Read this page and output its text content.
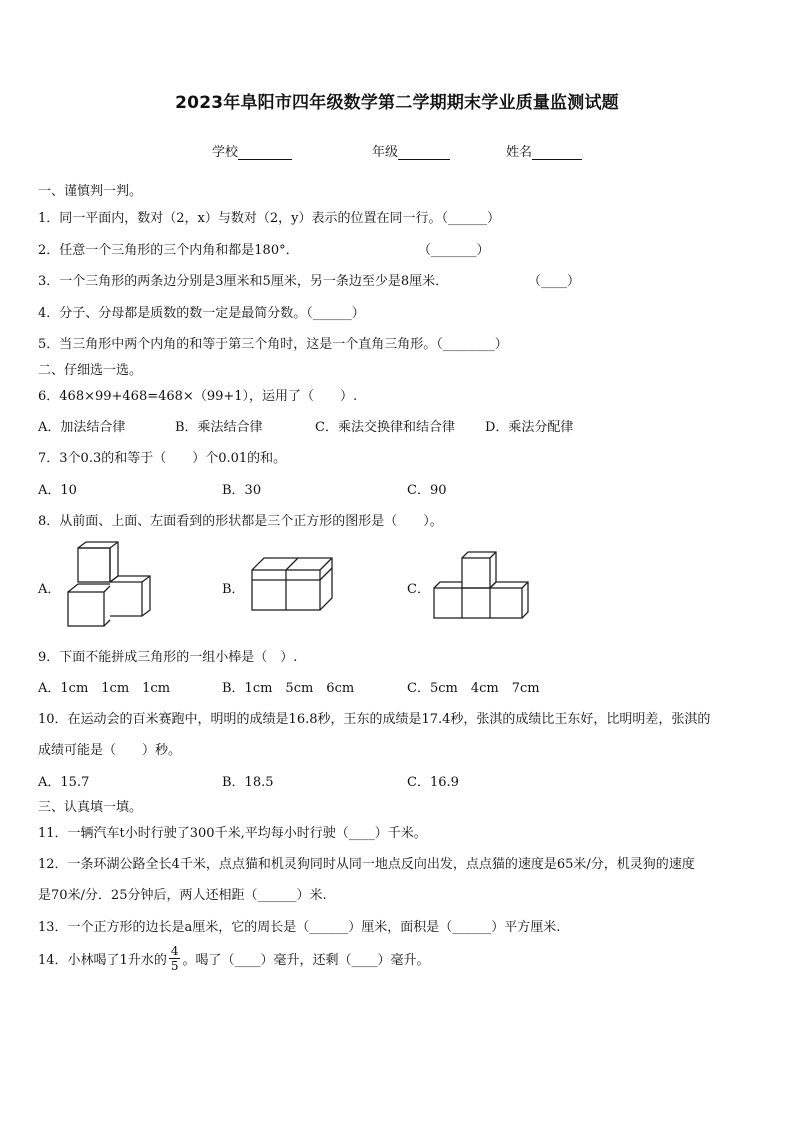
2023年阜阳市四年级数学第二学期期末学业质量监测试题
学校	年级	姓名
一、谨慎判一判。
1．同一平面内，数对（2，x）与数对（2，y）表示的位置在同一行。（______）
2．任意一个三角形的三个内角和都是180°．	（_______）
3．一个三角形的两条边分别是3厘米和5厘米，另一条边至少是8厘米．	（____）
4．分子、分母都是质数的数一定是最简分数。（______）
5．当三角形中两个内角的和等于第三个角时，这是一个直角三角形。（________）
二、仔细选一选。
6．468×99+468=468×（99+1），运用了（　　）.
A．加法结合律	B．乘法结合律	C．乘法交换律和结合律 D．乘法分配律
7．3个0.3的和等于（　　）个0.01的和。
A．10	B．30	C．90
8．从前面、上面、左面看到的形状都是三个正方形的图形是（　　）。
A．	B．	C．
9．下面不能拼成三角形的一组小棒是（　）.
A．1cm　1cm　1cm	B．1cm　5cm　6cm	C．5cm　4cm　7cm
10．在运动会的百米赛跑中，明明的成绩是16.8秒，王东的成绩是17.4秒，张淇的成绩比王东好，比明明差，张淇的
成绩可能是（　　）秒。
A．15.7	B．18.5	C．16.9
三、认真填一填。
11．一辆汽车t小时行驶了300千米,平均每小时行驶（____）千米。
12．一条环湖公路全长4千米，点点猫和机灵狗同时从同一地点反向出发，点点猫的速度是65米/分，机灵狗的速度
是70米/分．25分钟后，两人还相距（______）米.
13．一个正方形的边长是a厘米，它的周长是（______）厘米，面积是（______）平方厘米.
14．小林喝了1升水的 $\frac{4}{5}$ 。喝了（____）毫升，还剩（____）毫升。
